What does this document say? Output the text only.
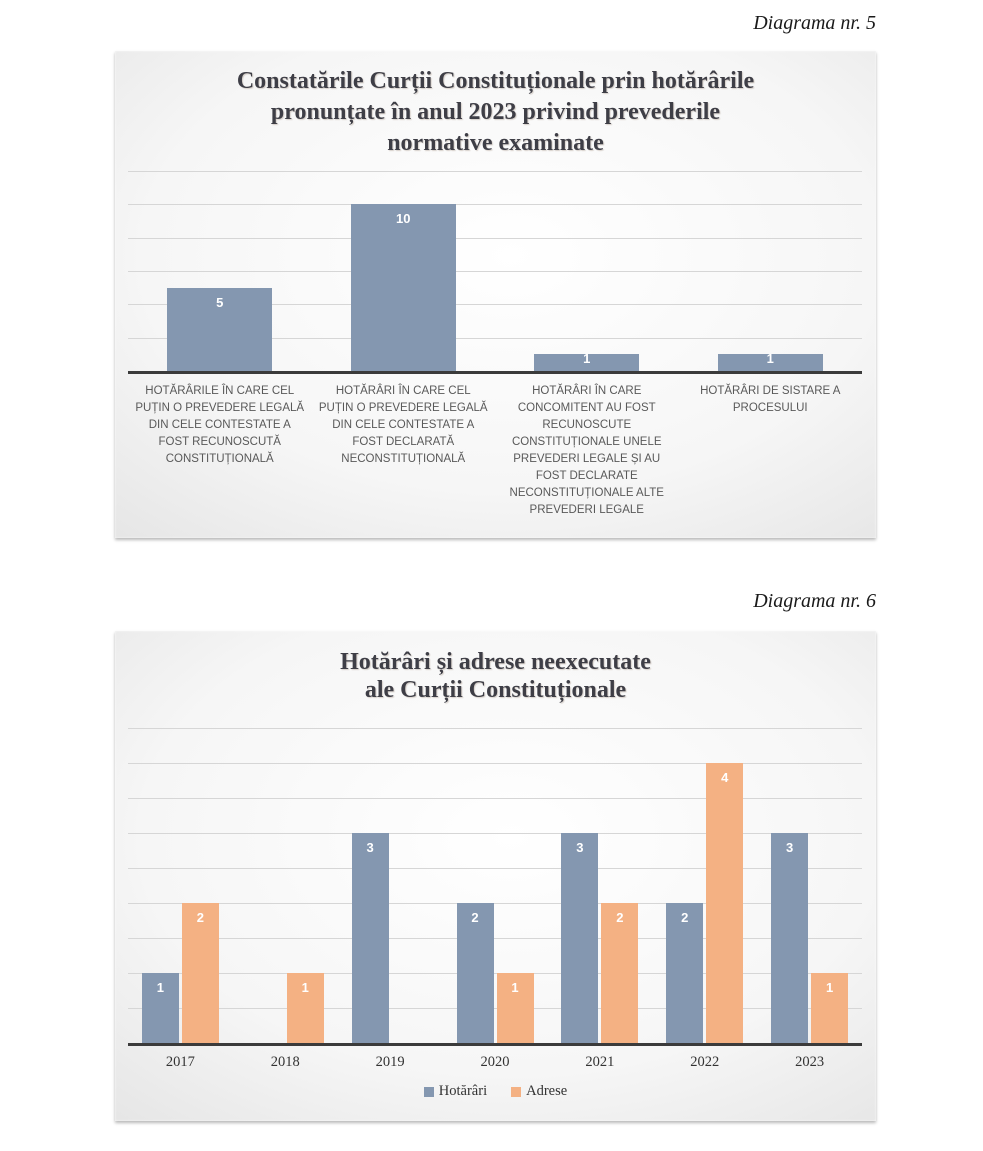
Diagrama nr. 5
Constatările Curții Constituționale prin hotărârile
pronunțate în anul 2023 privind prevederile
normative examinate
5
10
1	1
HOTĂRÂRILE ÎN CARE CEL PUȚIN O PREVEDERE LEGALĂ DIN CELE CONTESTATE A FOST RECUNOSCUTĂ CONSTITUȚIONALĂ
HOTĂRÂRI ÎN CARE CEL PUȚIN O PREVEDERE LEGALĂ DIN CELE CONTESTATE A FOST DECLARATĂ NECONSTITUȚIONALĂ
HOTĂRÂRI ÎN CARE CONCOMITENT AU FOST RECUNOSCUTE CONSTITUȚIONALE UNELE PREVEDERI LEGALE ȘI AU FOST DECLARATE NECONSTITUȚIONALE ALTE PREVEDERI LEGALE
HOTĂRÂRI DE SISTARE A PROCESULUI
Diagrama nr. 6
Hotărâri și adrese neexecutate
ale Curții Constituționale
1
3
2
3
2
3
2
1	1
2
4
1
2017	2018	2019	2020	2021	2022	2023
Hotărâri	Adrese
